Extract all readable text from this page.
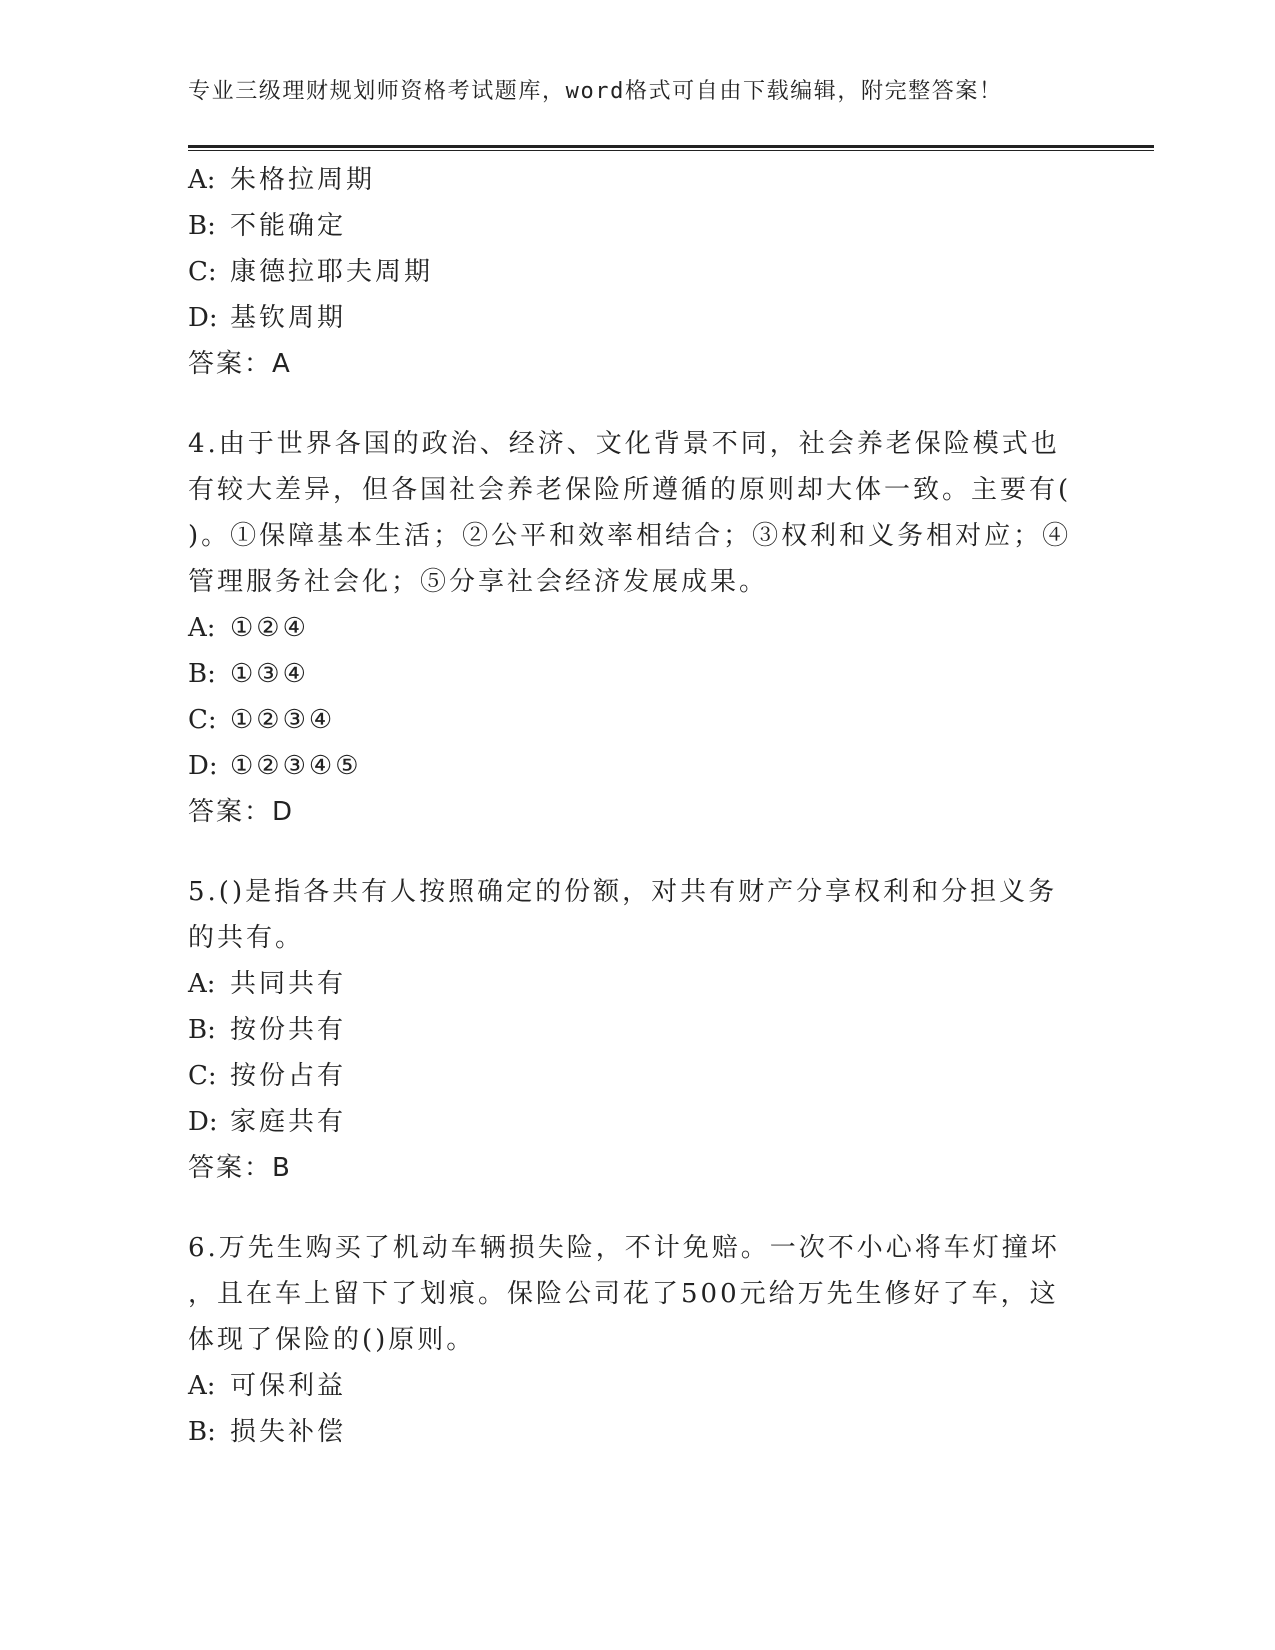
专业三级理财规划师资格考试题库，word格式可自由下载编辑，附完整答案！
A: 朱格拉周期
B: 不能确定
C: 康德拉耶夫周期
D: 基钦周期
答案：A
4.由于世界各国的政治、经济、文化背景不同，社会养老保险模式也
有较大差异，但各国社会养老保险所遵循的原则却大体一致。主要有(
)。①保障基本生活；②公平和效率相结合；③权利和义务相对应；④
管理服务社会化；⑤分享社会经济发展成果。
A: ①②④
B: ①③④
C: ①②③④
D: ①②③④⑤
答案：D
5.()是指各共有人按照确定的份额，对共有财产分享权利和分担义务
的共有。
A: 共同共有
B: 按份共有
C: 按份占有
D: 家庭共有
答案：B
6.万先生购买了机动车辆损失险，不计免赔。一次不小心将车灯撞坏
，且在车上留下了划痕。保险公司花了500元给万先生修好了车，这
体现了保险的()原则。
A: 可保利益
B: 损失补偿
